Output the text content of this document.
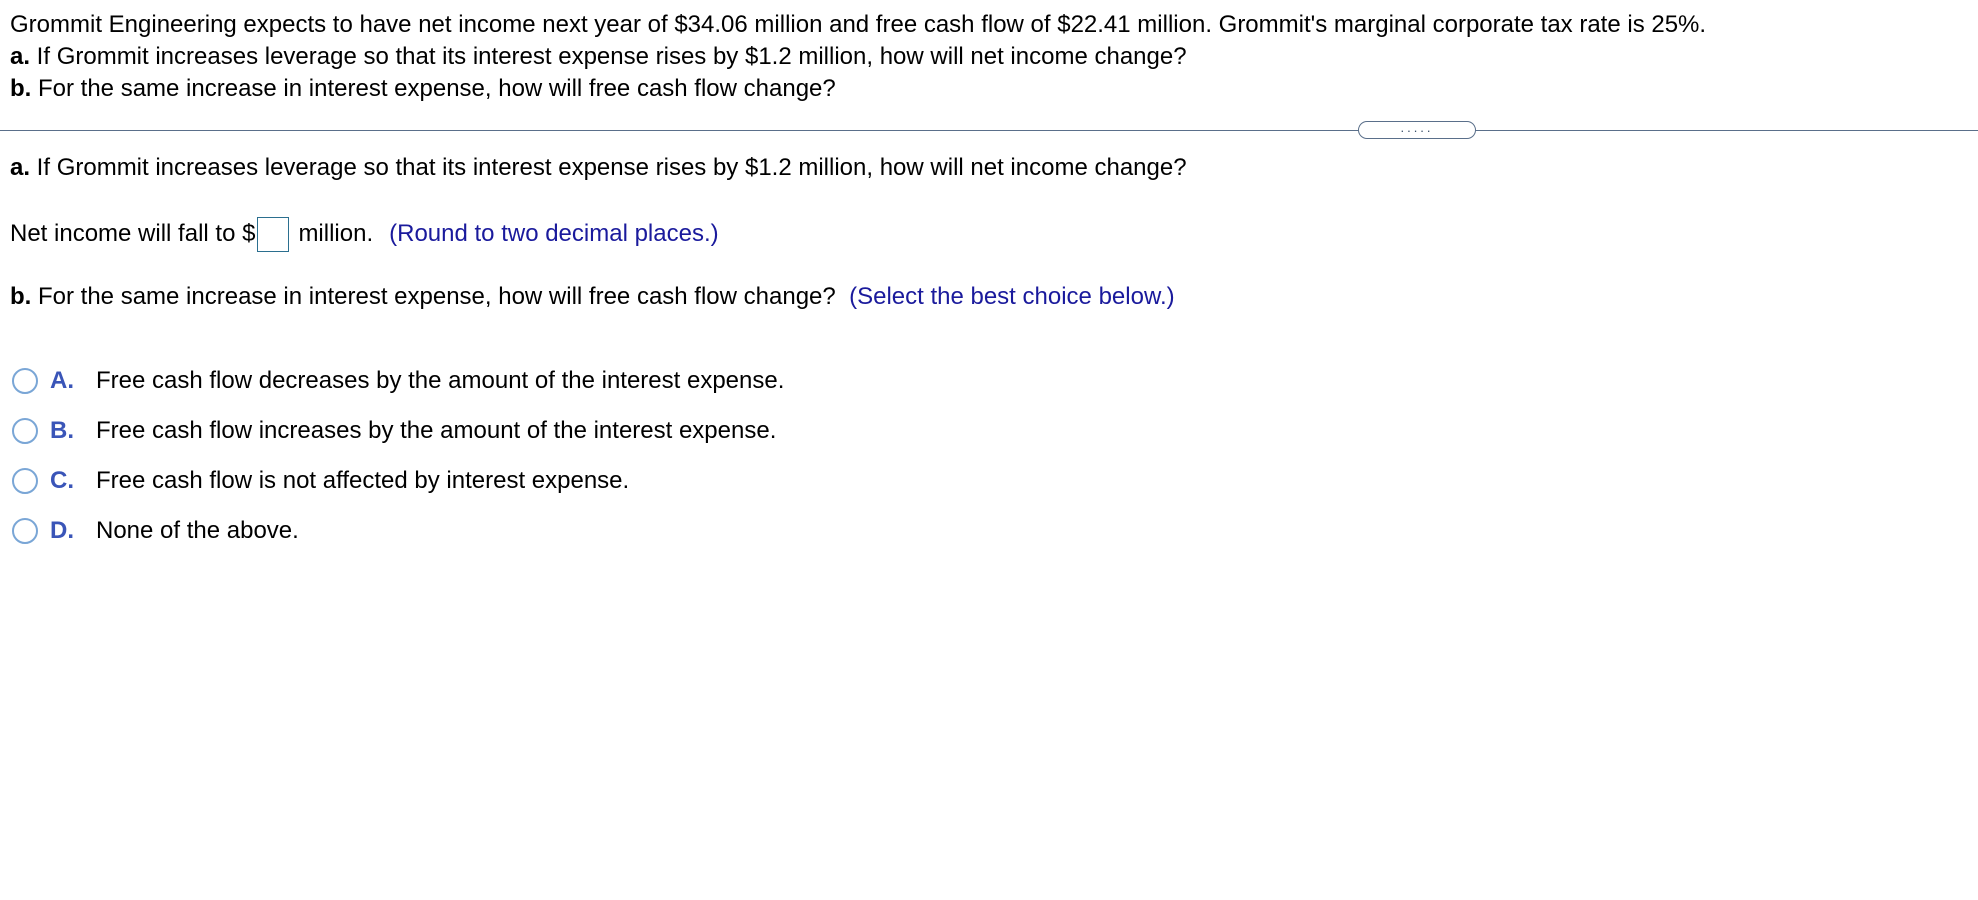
Grommit Engineering expects to have net income next year of $34.06 million and free cash flow of $22.41 million. Grommit's marginal corporate tax rate is 25%.
a. If Grommit increases leverage so that its interest expense rises by $1.2 million, how will net income change?
b. For the same increase in interest expense, how will free cash flow change?
.....
a. If Grommit increases leverage so that its interest expense rises by $1.2 million, how will net income change?
Net income will fall to $ million. (Round to two decimal places.)
b. For the same increase in interest expense, how will free cash flow change? (Select the best choice below.)
A. Free cash flow decreases by the amount of the interest expense.
B. Free cash flow increases by the amount of the interest expense.
C. Free cash flow is not affected by interest expense.
D. None of the above.
